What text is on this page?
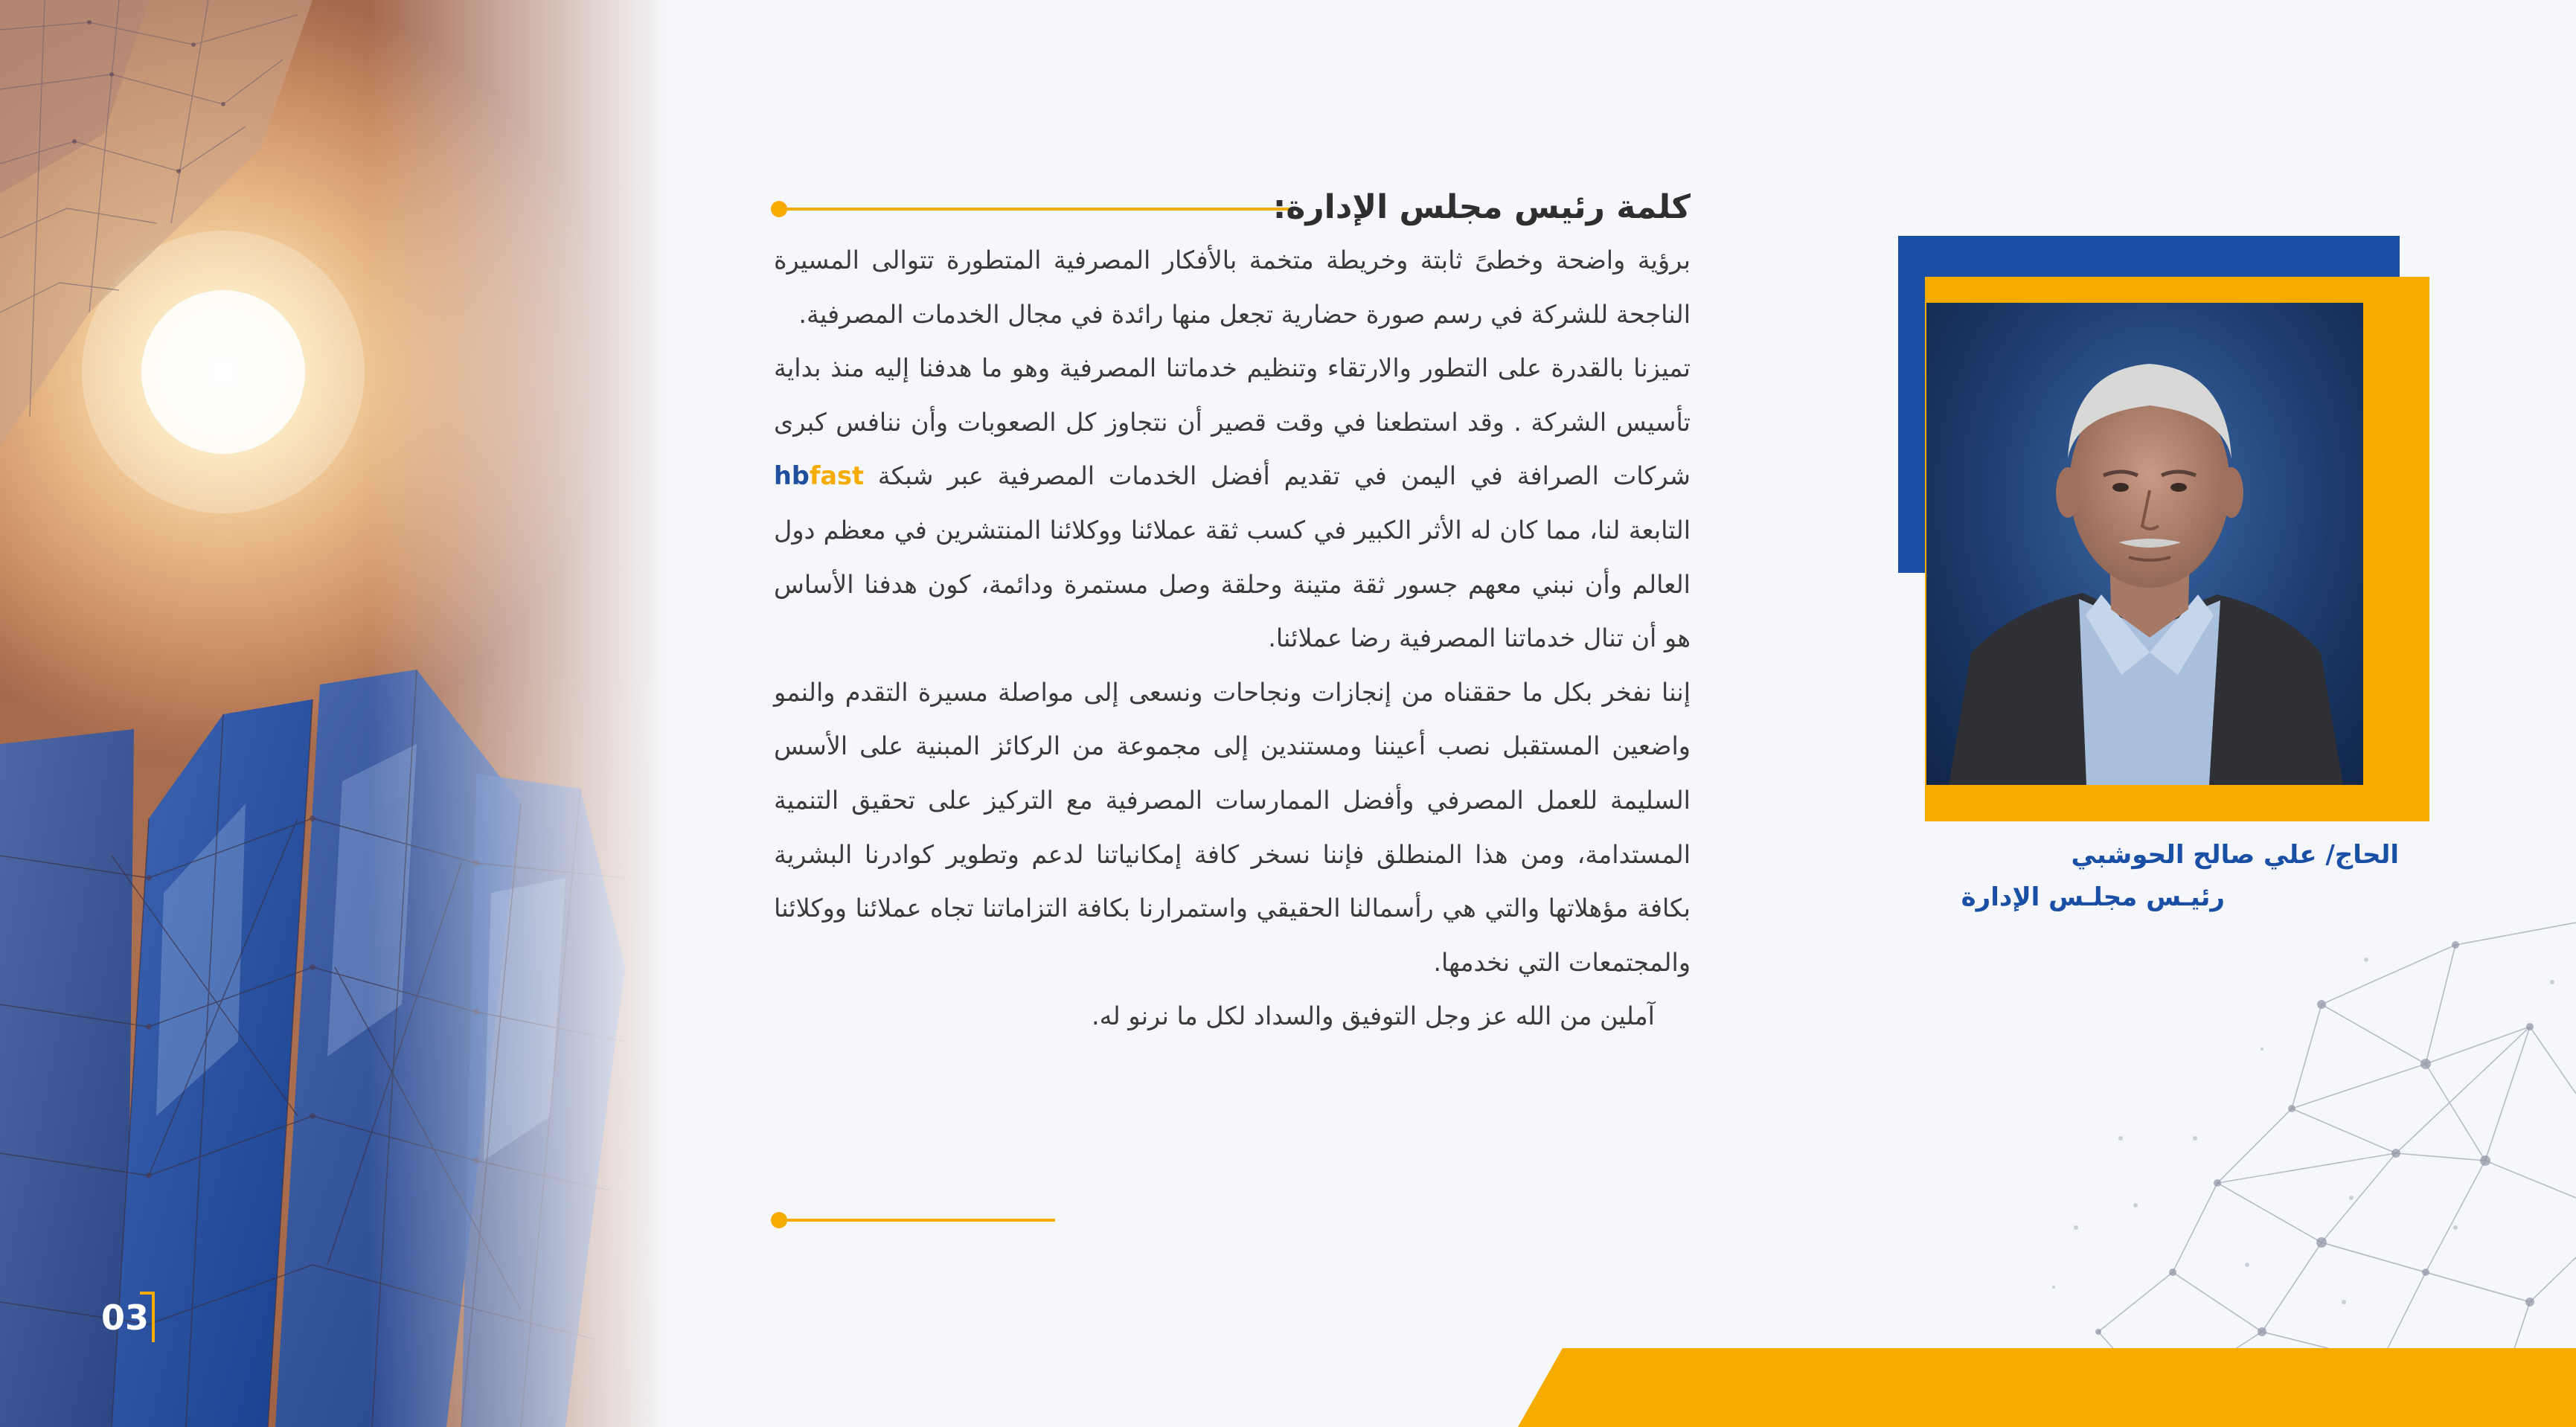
03
كلمة رئيس مجلس الإدارة:

برؤية واضحة وخطىً ثابتة وخريطة متخمة بالأفكار المصرفية المتطورة تتوالى المسيرة الناجحة للشركة في رسم صورة حضارية تجعل منها رائدة في مجال الخدمات المصرفية.

تميزنا بالقدرة على التطور والارتقاء وتنظيم خدماتنا المصرفية وهو ما هدفنا إليه منذ بداية تأسيس الشركة . وقد استطعنا في وقت قصير أن نتجاوز كل الصعوبات وأن ننافس كبرى شركات الصرافة في اليمن في تقديم أفضل الخدمات المصرفية عبر شبكة hbfast التابعة لنا، مما كان له الأثر الكبير في كسب ثقة عملائنا ووكلائنا المنتشرين في معظم دول العالم وأن نبني معهم جسور ثقة متينة وحلقة وصل مستمرة ودائمة، كون هدفنا الأساس هو أن تنال خدماتنا المصرفية رضا عملائنا.

إننا نفخر بكل ما حققناه من إنجازات ونجاحات ونسعى إلى مواصلة مسيرة التقدم والنمو واضعين المستقبل نصب أعيننا ومستندين إلى مجموعة من الركائز المبنية على الأسس السليمة للعمل المصرفي وأفضل الممارسات المصرفية مع التركيز على تحقيق التنمية المستدامة، ومن هذا المنطلق فإننا نسخر كافة إمكانياتنا لدعم وتطوير كوادرنا البشرية بكافة مؤهلاتها والتي هي رأسمالنا الحقيقي واستمرارنا بكافة التزاماتنا تجاه عملائنا ووكلائنا والمجتمعات التي نخدمها.

آملين من الله عز وجل التوفيق والسداد لكل ما نرنو له.

الحاج/ علي صالح الحوشبي
رئيـس مجلـس الإدارة
